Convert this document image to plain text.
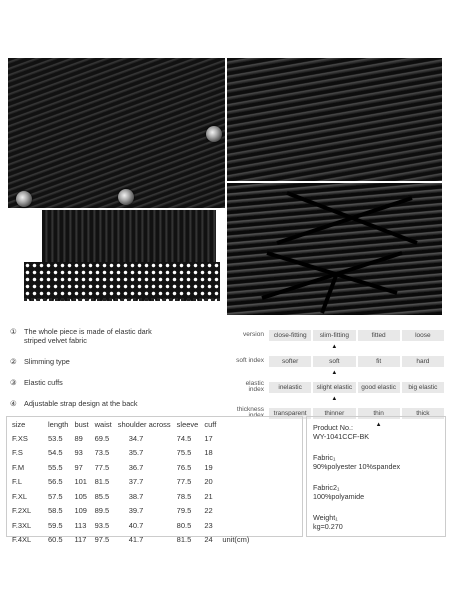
①	The whole piece is made of elastic dark striped velvet fabric
②	Slimming type
③	Elastic cuffs
④	Adjustable strap design at the back
version	close-fitting	slim-fitting ▲	fitted	loose
soft index	softer	soft ▲	fit	hard
elastic index	inelastic	slight elastic ▲	good elastic	big elastic
thickness index	transparent	thinner	thin ▲	thick
size	length	bust	waist	shoulder across	sleeve	cuff	
F.XS	53.5	89	69.5	34.7	74.5	17	
F.S	54.5	93	73.5	35.7	75.5	18	
F.M	55.5	97	77.5	36.7	76.5	19	
F.L	56.5	101	81.5	37.7	77.5	20	
F.XL	57.5	105	85.5	38.7	78.5	21	
F.2XL	58.5	109	89.5	39.7	79.5	22	
F.3XL	59.5	113	93.5	40.7	80.5	23	
F.4XL	60.5	117	97.5	41.7	81.5	24	unit(cm)
Product No.:
WY-1041CCF-BK
Fabric₁
90%polyester 10%spandex
Fabric2₁
100%polyamide
Weight₁
kg=0.270
